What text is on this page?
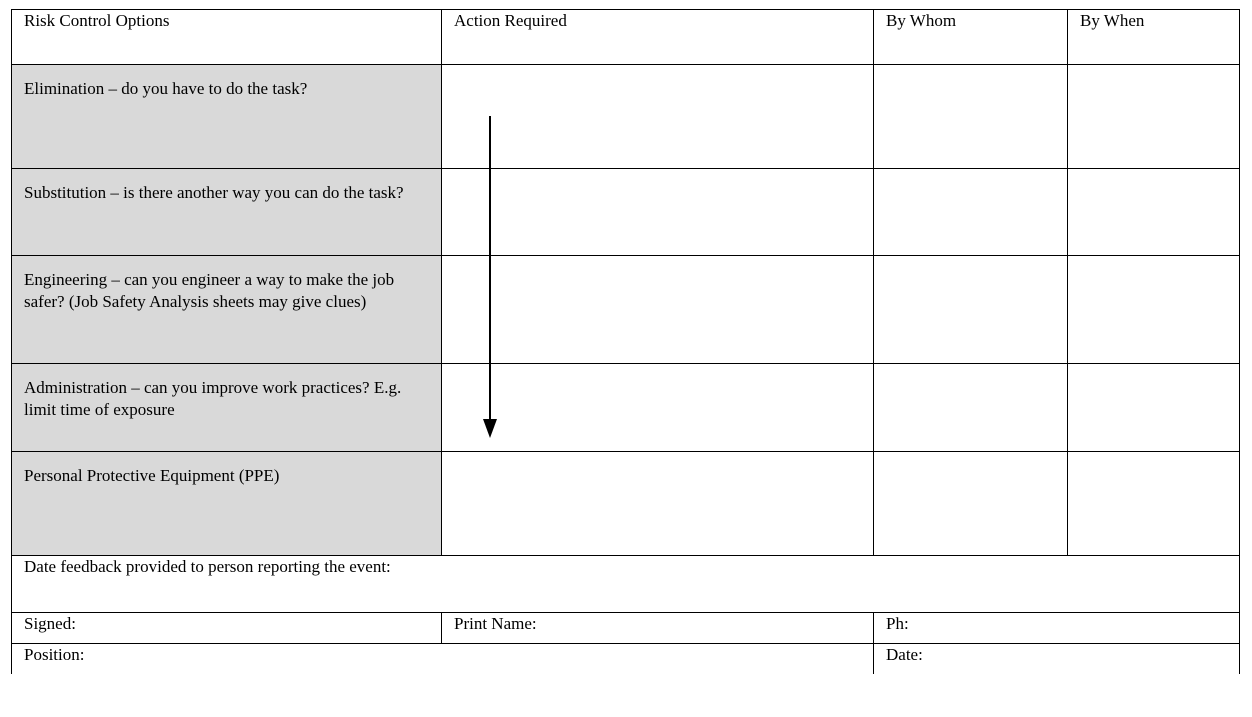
Risk Control Options	Action Required	By Whom	By When

Elimination – do you have to do the task?			

Substitution – is there another way you can do the task?			

Engineering – can you engineer a way to make the job safer? (Job Safety Analysis sheets may give clues)			

Administration – can you improve work practices? E.g. limit time of exposure			

Personal Protective Equipment (PPE)			

Date feedback provided to person reporting the event:			

Signed:	Print Name:	Ph:	

Position:		Date:	
